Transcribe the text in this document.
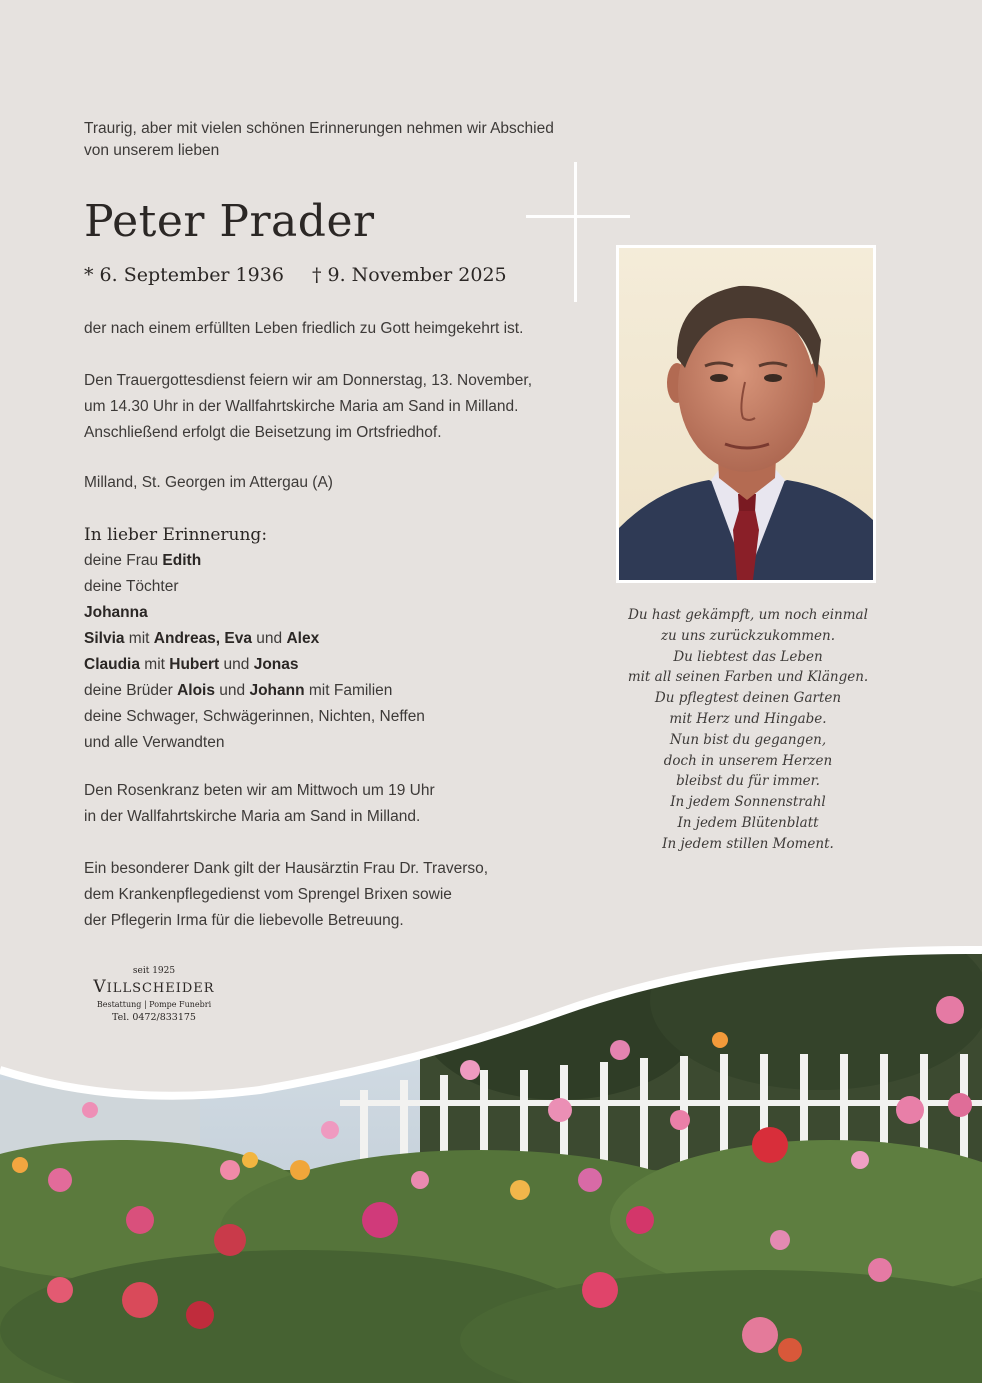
Traurig, aber mit vielen schönen Erinnerungen nehmen wir Abschied
von unserem lieben
Peter Prader
* 6. September 1936 † 9. November 2025

der nach einem erfüllten Leben friedlich zu Gott heimgekehrt ist.

Den Trauergottesdienst feiern wir am Donnerstag, 13. November,

um 14.30 Uhr in der Wallfahrtskirche Maria am Sand in Milland.

Anschließend erfolgt die Beisetzung im Ortsfriedhof.

Milland, St. Georgen im Attergau (A)

In lieber Erinnerung:

deine Frau Edith

deine Töchter

Johanna

Silvia mit Andreas, Eva und Alex

Claudia mit Hubert und Jonas

deine Brüder Alois und Johann mit Familien

deine Schwager, Schwägerinnen, Nichten, Neffen

und alle Verwandten

Den Rosenkranz beten wir am Mittwoch um 19 Uhr

in der Wallfahrtskirche Maria am Sand in Milland.

Ein besonderer Dank gilt der Hausärztin Frau Dr. Traverso,

dem Krankenpflegedienst vom Sprengel Brixen sowie

der Pflegerin Irma für die liebevolle Betreuung.

Du hast gekämpft, um noch einmal
zu uns zurückzukommen.
Du liebtest das Leben
mit all seinen Farben und Klängen.
Du pflegtest deinen Garten
mit Herz und Hingabe.
Nun bist du gegangen,
doch in unserem Herzen
bleibst du für immer.
In jedem Sonnenstrahl
In jedem Blütenblatt
In jedem stillen Moment.
seit 1925
VILLSCHEIDER
Bestattung | Pompe Funebri
Tel. 0472/833175
